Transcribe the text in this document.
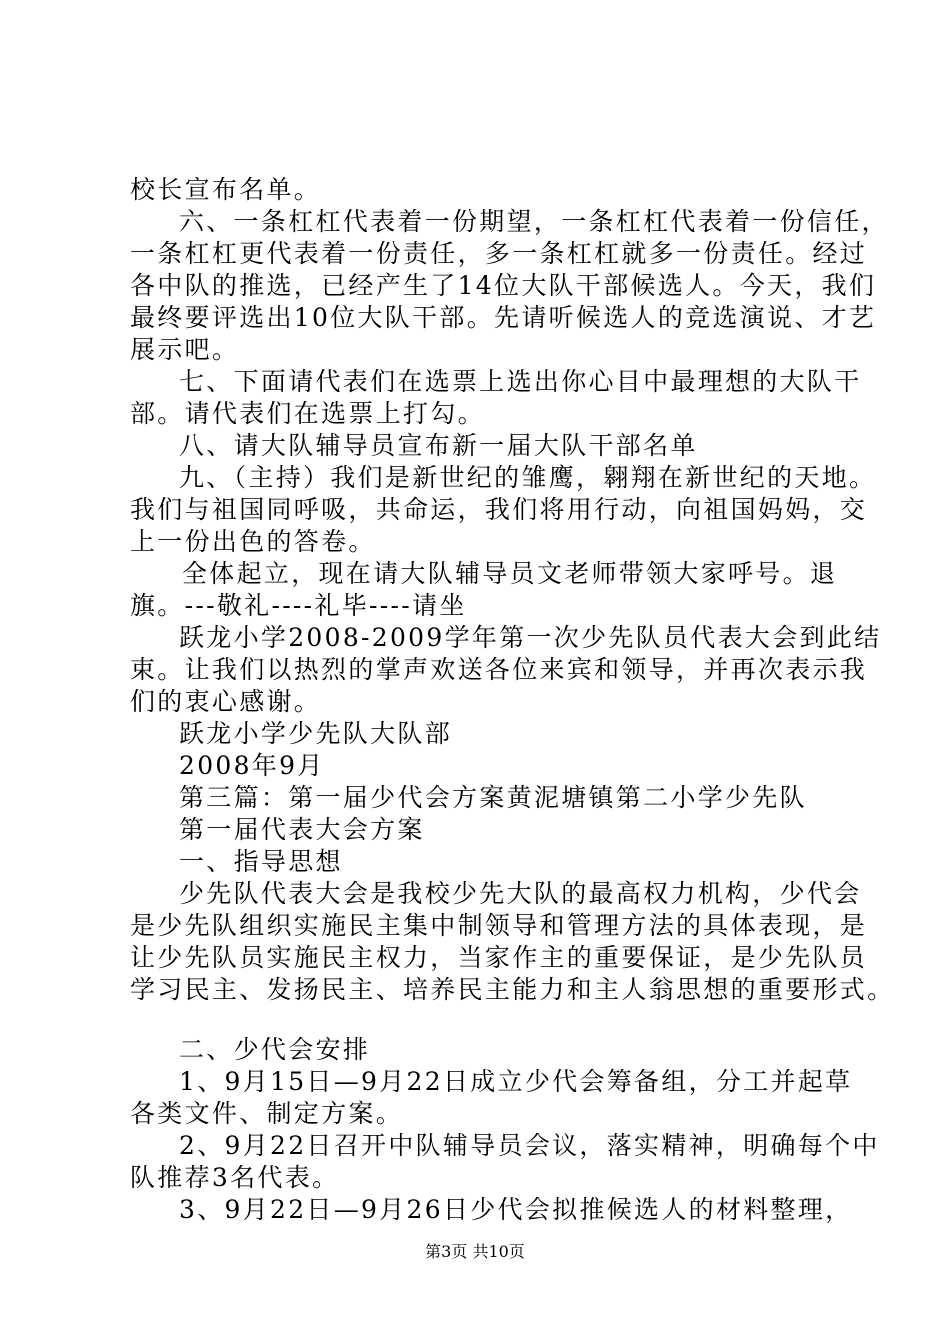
校长宣布名单。
六、一条杠杠代表着一份期望，一条杠杠代表着一份信任，
一条杠杠更代表着一份责任，多一条杠杠就多一份责任。经过
各中队的推选，已经产生了14位大队干部候选人。今天，我们
最终要评选出10位大队干部。先请听候选人的竞选演说、才艺
展示吧。
七、下面请代表们在选票上选出你心目中最理想的大队干
部。请代表们在选票上打勾。
八、请大队辅导员宣布新一届大队干部名单
九、（主持）我们是新世纪的雏鹰，翱翔在新世纪的天地。
我们与祖国同呼吸，共命运，我们将用行动，向祖国妈妈，交
上一份出色的答卷。
全体起立，现在请大队辅导员文老师带领大家呼号。退
旗。---敬礼----礼毕----请坐
跃龙小学2008-2009学年第一次少先队员代表大会到此结
束。让我们以热烈的掌声欢送各位来宾和领导，并再次表示我
们的衷心感谢。
跃龙小学少先队大队部
2008年9月
第三篇：第一届少代会方案黄泥塘镇第二小学少先队
第一届代表大会方案
一、指导思想
少先队代表大会是我校少先大队的最高权力机构，少代会
是少先队组织实施民主集中制领导和管理方法的具体表现，是
让少先队员实施民主权力，当家作主的重要保证，是少先队员
学习民主、发扬民主、培养民主能力和主人翁思想的重要形式。
二、少代会安排
1、9月15日—9月22日成立少代会筹备组，分工并起草
各类文件、制定方案。
2、9月22日召开中队辅导员会议，落实精神，明确每个中
队推荐3名代表。
3、9月22日—9月26日少代会拟推候选人的材料整理，
第3页 共10页
